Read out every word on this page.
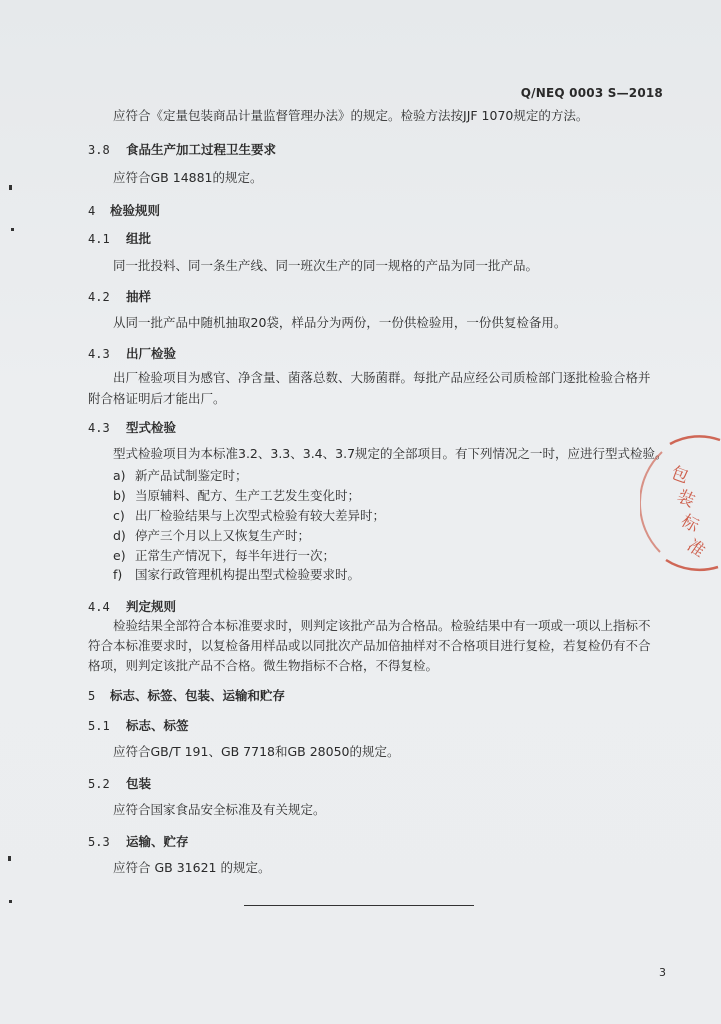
Q/NEQ 0003 S—2018
应符合《定量包装商品计量监督管理办法》的规定。检验方法按JJF 1070规定的方法。
3.8 食品生产加工过程卫生要求
应符合GB 14881的规定。
4 检验规则
4.1 组批
同一批投料、同一条生产线、同一班次生产的同一规格的产品为同一批产品。
4.2 抽样
从同一批产品中随机抽取20袋，样品分为两份，一份供检验用，一份供复检备用。
4.3 出厂检验
出厂检验项目为感官、净含量、菌落总数、大肠菌群。每批产品应经公司质检部门逐批检验合格并
附合格证明后才能出厂。
4.3 型式检验
型式检验项目为本标准3.2、3.3、3.4、3.7规定的全部项目。有下列情况之一时，应进行型式检验。
a) 新产品试制鉴定时；
b) 当原辅料、配方、生产工艺发生变化时；
c) 出厂检验结果与上次型式检验有较大差异时；
d) 停产三个月以上又恢复生产时；
e) 正常生产情况下，每半年进行一次；
f) 国家行政管理机构提出型式检验要求时。
4.4 判定规则
检验结果全部符合本标准要求时，则判定该批产品为合格品。检验结果中有一项或一项以上指标不
符合本标准要求时，以复检备用样品或以同批次产品加倍抽样对不合格项目进行复检，若复检仍有不合
格项，则判定该批产品不合格。微生物指标不合格，不得复检。
5 标志、标签、包装、运输和贮存
5.1 标志、标签
应符合GB/T 191、GB 7718和GB 28050的规定。
5.2 包装
应符合国家食品安全标准及有关规定。
5.3 运输、贮存
应符合 GB 31621 的规定。
3
包
装
标
准
